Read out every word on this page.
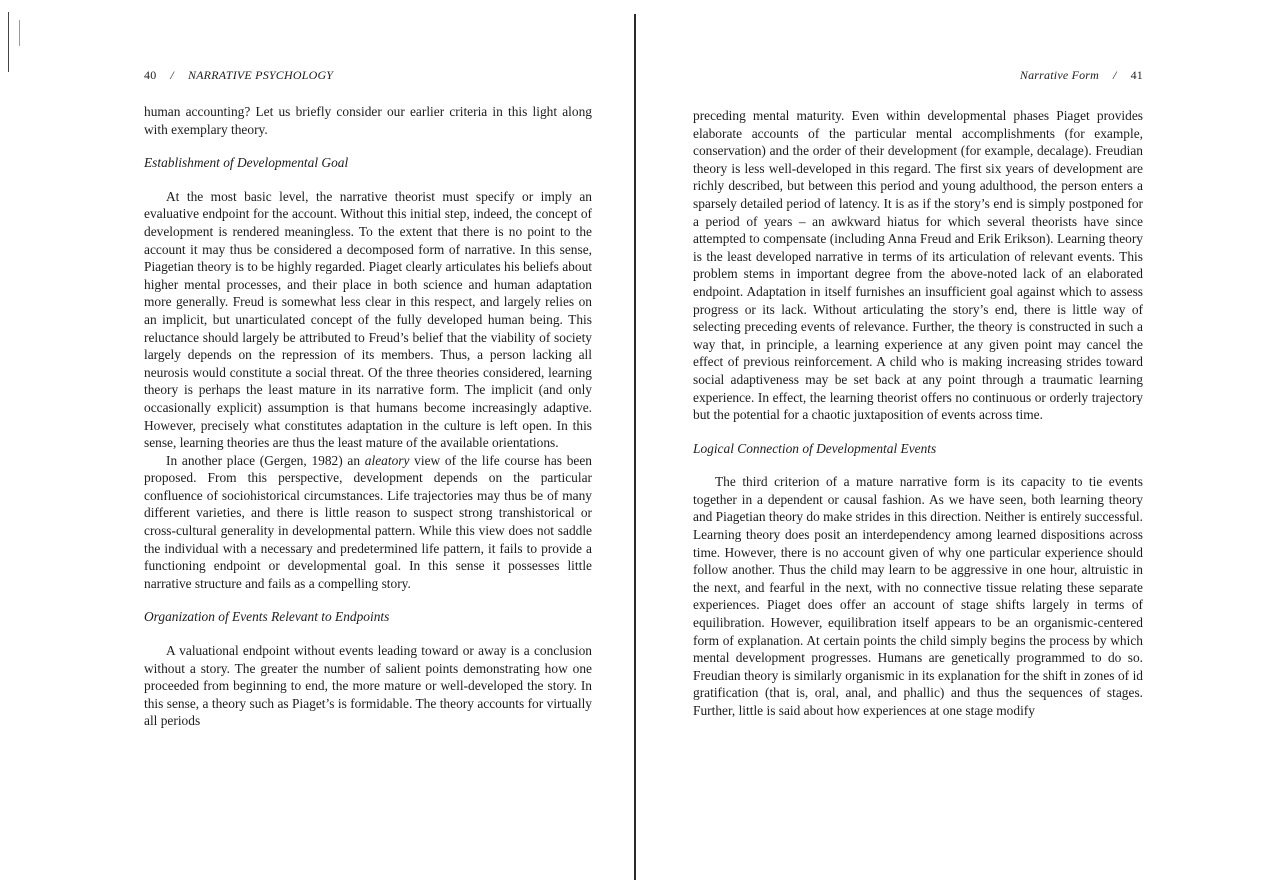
40 / NARRATIVE PSYCHOLOGY

human accounting? Let us briefly consider our earlier criteria in this light along with exemplary theory.

Establishment of Developmental Goal

At the most basic level, the narrative theorist must specify or imply an evaluative endpoint for the account. Without this initial step, indeed, the concept of development is rendered meaningless. To the extent that there is no point to the account it may thus be considered a decomposed form of narrative. In this sense, Piagetian theory is to be highly regarded. Piaget clearly articulates his beliefs about higher mental processes, and their place in both science and human adaptation more generally. Freud is somewhat less clear in this respect, and largely relies on an implicit, but unarticulated concept of the fully developed human being. This reluctance should largely be attributed to Freud’s belief that the viability of society largely depends on the repression of its members. Thus, a person lacking all neurosis would constitute a social threat. Of the three theories considered, learning theory is perhaps the least mature in its narrative form. The implicit (and only occasionally explicit) assumption is that humans become increasingly adaptive. However, precisely what constitutes adaptation in the culture is left open. In this sense, learning theories are thus the least mature of the available orientations.

In another place (Gergen, 1982) an aleatory view of the life course has been proposed. From this perspective, development depends on the particular confluence of sociohistorical circumstances. Life trajectories may thus be of many different varieties, and there is little reason to suspect strong transhistorical or cross-cultural generality in developmental pattern. While this view does not saddle the individual with a necessary and predetermined life pattern, it fails to provide a functioning endpoint or developmental goal. In this sense it possesses little narrative structure and fails as a compelling story.

Organization of Events Relevant to Endpoints

A valuational endpoint without events leading toward or away is a conclusion without a story. The greater the number of salient points demonstrating how one proceeded from beginning to end, the more mature or well-developed the story. In this sense, a theory such as Piaget’s is formidable. The theory accounts for virtually all periods

Narrative Form / 41

preceding mental maturity. Even within developmental phases Piaget provides elaborate accounts of the particular mental accomplishments (for example, conservation) and the order of their development (for example, decalage). Freudian theory is less well-developed in this regard. The first six years of development are richly described, but between this period and young adulthood, the person enters a sparsely detailed period of latency. It is as if the story’s end is simply postponed for a period of years – an awkward hiatus for which several theorists have since attempted to compensate (including Anna Freud and Erik Erikson). Learning theory is the least developed narrative in terms of its articulation of relevant events. This problem stems in important degree from the above-noted lack of an elaborated endpoint. Adaptation in itself furnishes an insufficient goal against which to assess progress or its lack. Without articulating the story’s end, there is little way of selecting preceding events of relevance. Further, the theory is constructed in such a way that, in principle, a learning experience at any given point may cancel the effect of previous reinforcement. A child who is making increasing strides toward social adaptiveness may be set back at any point through a traumatic learning experience. In effect, the learning theorist offers no continuous or orderly trajectory but the potential for a chaotic juxtaposition of events across time.

Logical Connection of Developmental Events

The third criterion of a mature narrative form is its capacity to tie events together in a dependent or causal fashion. As we have seen, both learning theory and Piagetian theory do make strides in this direction. Neither is entirely successful. Learning theory does posit an interdependency among learned dispositions across time. However, there is no account given of why one particular experience should follow another. Thus the child may learn to be aggressive in one hour, altruistic in the next, and fearful in the next, with no connective tissue relating these separate experiences. Piaget does offer an account of stage shifts largely in terms of equilibration. However, equilibration itself appears to be an organismic-centered form of explanation. At certain points the child simply begins the process by which mental development progresses. Humans are genetically programmed to do so. Freudian theory is similarly organismic in its explanation for the shift in zones of id gratification (that is, oral, anal, and phallic) and thus the sequences of stages. Further, little is said about how experiences at one stage modify
